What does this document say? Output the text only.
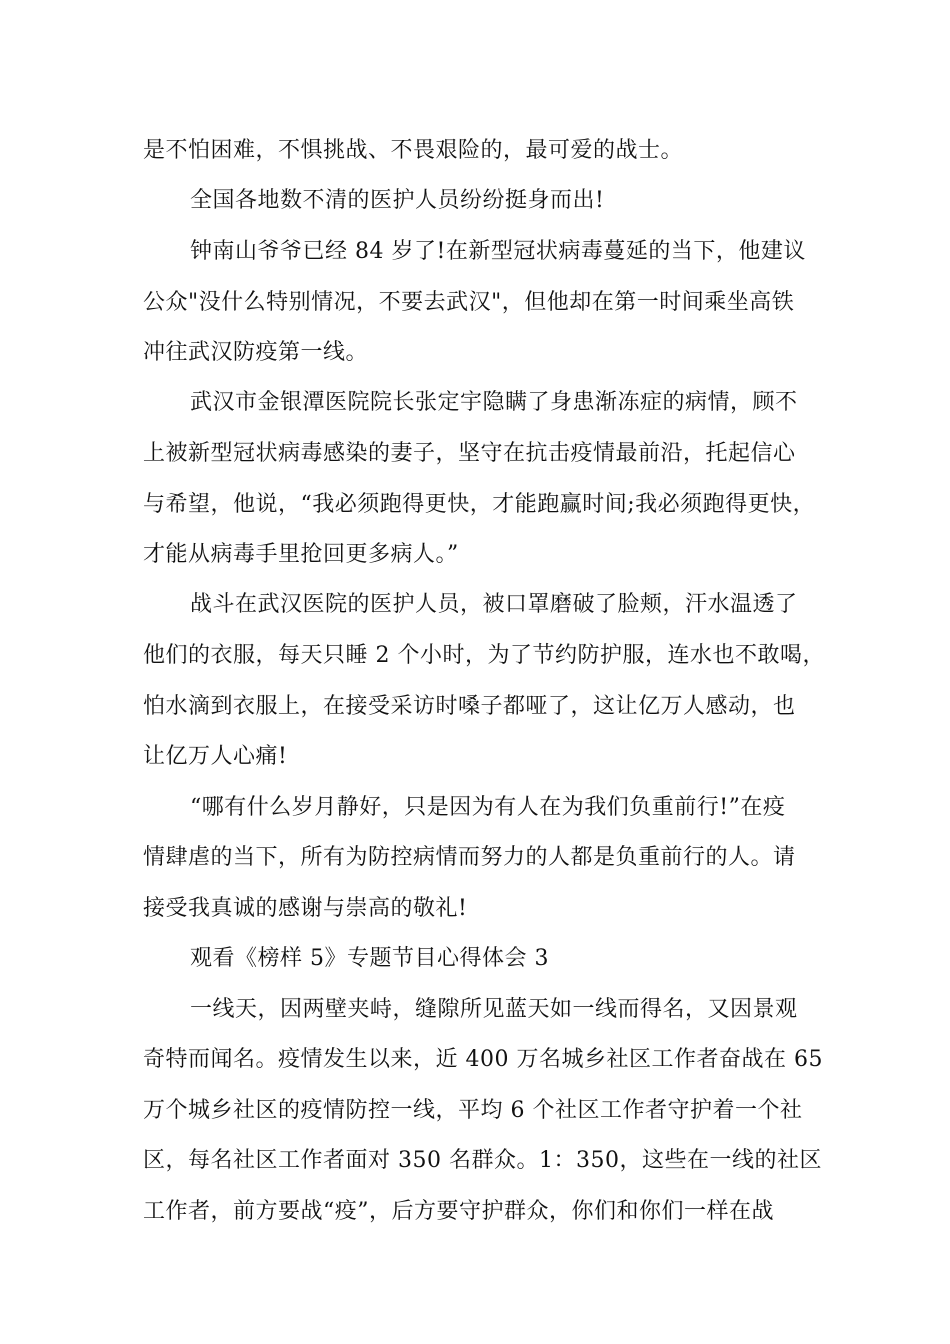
是不怕困难，不惧挑战、不畏艰险的，最可爱的战士。
全国各地数不清的医护人员纷纷挺身而出!
钟南山爷爷已经 84 岁了!在新型冠状病毒蔓延的当下，他建议
公众"没什么特别情况，不要去武汉"，但他却在第一时间乘坐高铁
冲往武汉防疫第一线。
武汉市金银潭医院院长张定宇隐瞒了身患渐冻症的病情，顾不
上被新型冠状病毒感染的妻子，坚守在抗击疫情最前沿，托起信心
与希望，他说，“我必须跑得更快，才能跑赢时间;我必须跑得更快，
才能从病毒手里抢回更多病人。”
战斗在武汉医院的医护人员，被口罩磨破了脸颊，汗水温透了
他们的衣服，每天只睡 2 个小时，为了节约防护服，连水也不敢喝，
怕水滴到衣服上，在接受采访时嗓子都哑了，这让亿万人感动，也
让亿万人心痛!
“哪有什么岁月静好，只是因为有人在为我们负重前行!”在疫
情肆虐的当下，所有为防控病情而努力的人都是负重前行的人。请
接受我真诚的感谢与崇高的敬礼!
观看《榜样 5》专题节目心得体会 3
一线天，因两壁夹峙，缝隙所见蓝天如一线而得名，又因景观
奇特而闻名。疫情发生以来，近 400 万名城乡社区工作者奋战在 65
万个城乡社区的疫情防控一线，平均 6 个社区工作者守护着一个社
区，每名社区工作者面对 350 名群众。1：350，这些在一线的社区
工作者，前方要战“疫”，后方要守护群众，你们和你们一样在战
